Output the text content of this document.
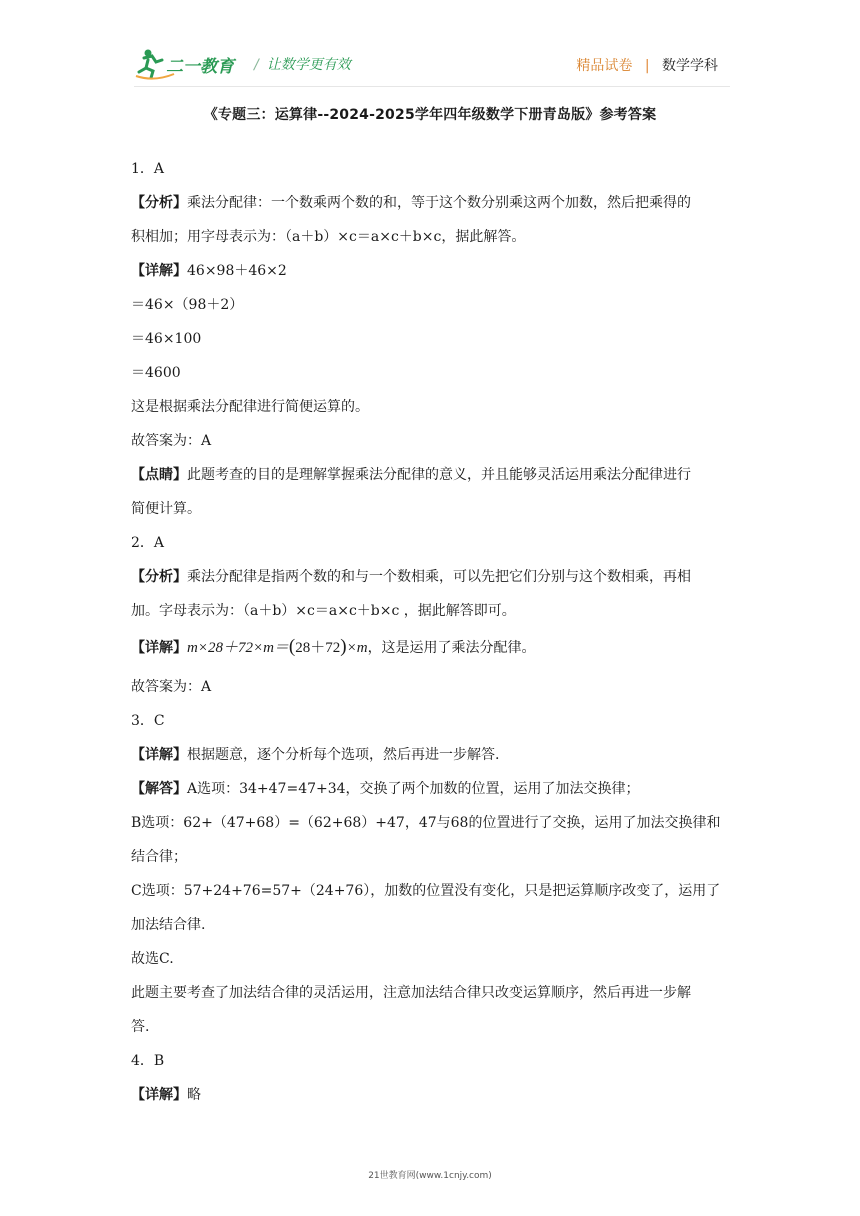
二一教育 / 让数学更有效	精品试卷 | 数学学科
《专题三：运算律--2024-2025学年四年级数学下册青岛版》参考答案
1．A
【分析】乘法分配律：一个数乘两个数的和，等于这个数分别乘这两个加数，然后把乘得的
积相加；用字母表示为：（a＋b）×c＝a×c＋b×c，据此解答。
【详解】46×98＋46×2
＝46×（98＋2）
＝46×100
＝4600
这是根据乘法分配律进行简便运算的。
故答案为：A
【点睛】此题考查的目的是理解掌握乘法分配律的意义，并且能够灵活运用乘法分配律进行
简便计算。
2．A
【分析】乘法分配律是指两个数的和与一个数相乘，可以先把它们分别与这个数相乘，再相
加。字母表示为：（a＋b）×c＝a×c＋b×c ，据此解答即可。
【详解】m×28＋72×m＝(28＋72)×m，这是运用了乘法分配律。
故答案为：A
3．C
【详解】根据题意，逐个分析每个选项，然后再进一步解答.
【解答】A选项：34+47=47+34，交换了两个加数的位置，运用了加法交换律；
B选项：62+（47+68）=（62+68）+47，47与68的位置进行了交换，运用了加法交换律和
结合律；
C选项：57+24+76=57+（24+76），加数的位置没有变化，只是把运算顺序改变了，运用了
加法结合律.
故选C.
此题主要考查了加法结合律的灵活运用，注意加法结合律只改变运算顺序，然后再进一步解
答.
4．B
【详解】略
21世教育网(www.1cnjy.com)
